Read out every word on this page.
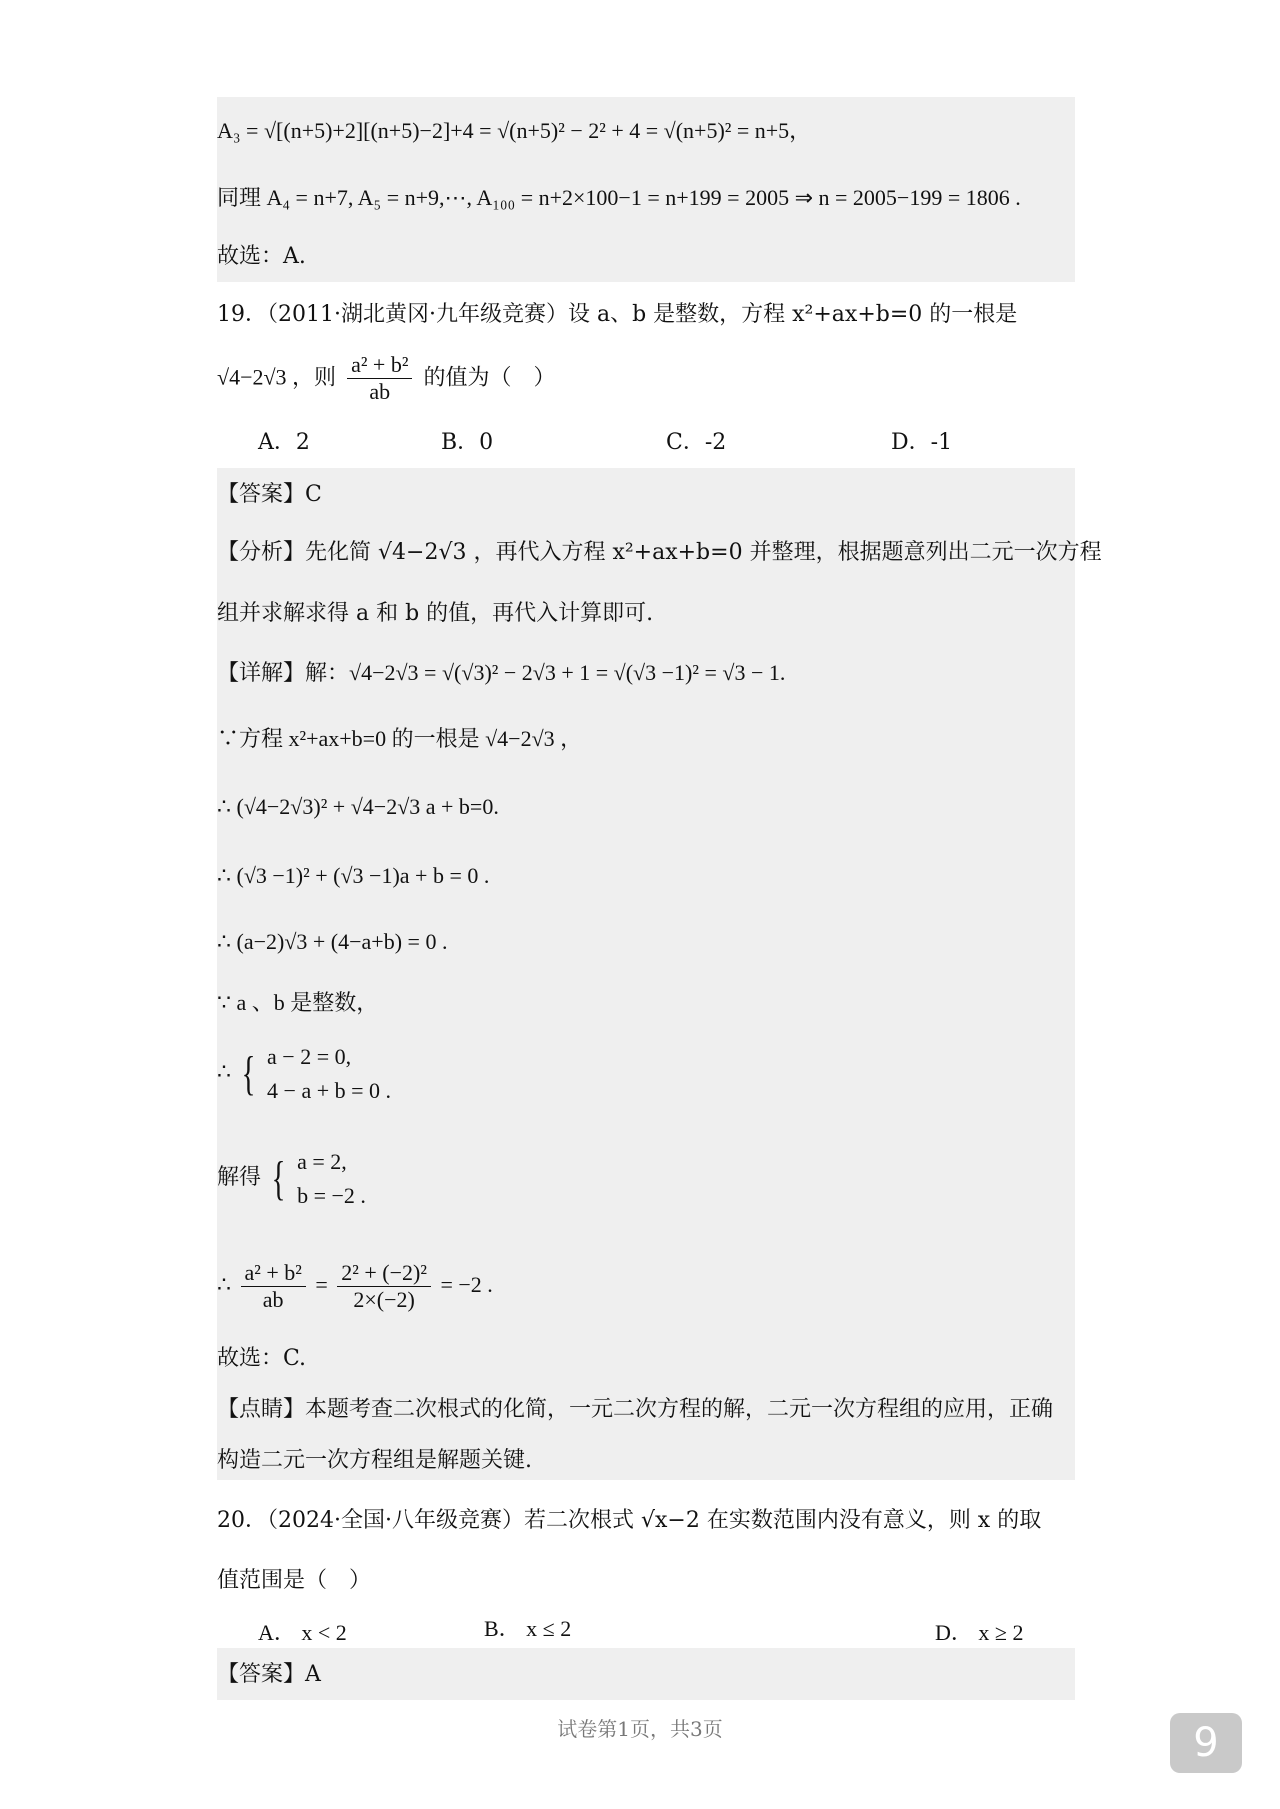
A₃ = √[(n+5)+2][(n+5)−2]+4 = √(n+5)² − 2² + 4 = √(n+5)² = n+5，
同理 A₄ = n+7, A₅ = n+9,⋯, A₁₀₀ = n+2×100−1 = n+199 = 2005 ⇒ n = 2005−199 = 1806 .
故选：A.
19．（2011·湖北黄冈·九年级竞赛）设 a、b 是整数，方程 x²+ax+b=0 的一根是
√4−2√3 ，则 $\frac{\text{a² + b²}}{ab}$ 的值为（　）
A．2	B．0	C．-2	D．-1
【答案】C
【分析】先化简 √4−2√3 ，再代入方程 x²+ax+b=0 并整理，根据题意列出二元一次方程
组并求解求得 a 和 b 的值，再代入计算即可.
【详解】解：√4−2√3 = √(√3)² − 2√3 + 1 = √(√3 −1)² = √3 − 1.
∵方程 x²+ax+b=0 的一根是 √4−2√3 ，
∴ (√4−2√3)² + √4−2√3 a + b=0.
∴ (√3 −1)² + (√3 −1)a + b = 0 .
∴ (a−2)√3 + (4−a+b) = 0 .
∵ a 、b 是整数，
∴ { a − 2 = 0,
4 − a + b = 0 .
解得 { a = 2,
b = −2 .
∴ $\frac{\text{a² + b²}}{ab} = \frac{\text{2² + (−2)²}}{2\times(-2)} = -2$ .
故选：C.
【点睛】本题考查二次根式的化简，一元二次方程的解，二元一次方程组的应用，正确
构造二元一次方程组是解题关键.
20．（2024·全国·八年级竞赛）若二次根式 √x−2 在实数范围内没有意义，则 x 的取
值范围是（　）
A． x < 2	B． x ≤ 2	D． x ≥ 2
【答案】A
试卷第1页，共3页	9
